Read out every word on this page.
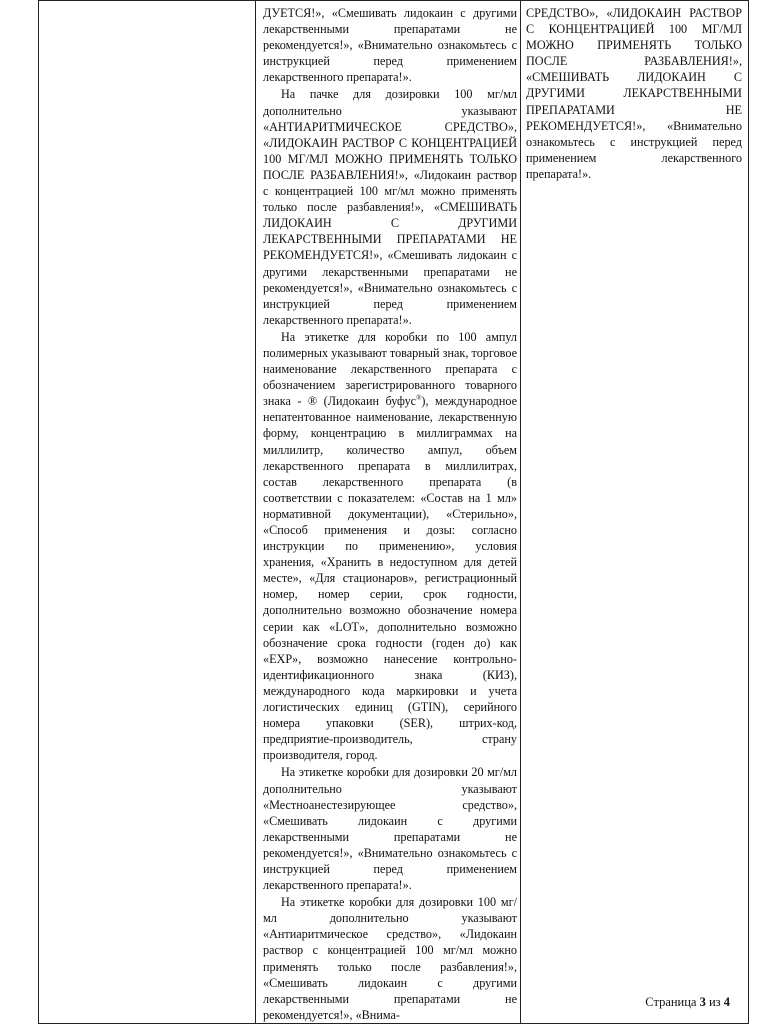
ДУЕТСЯ!», «Смешивать лидокаин с другими лекарственными препаратами не рекомендуется!», «Внимательно ознакомьтесь с инструкцией перед применением лекарственного препарата!».

На пачке для дозировки 100 мг/мл дополнительно указывают «АНТИАРИТМИЧЕСКОЕ СРЕДСТВО», «ЛИДОКАИН РАСТВОР С КОНЦЕНТРАЦИЕЙ 100 МГ/МЛ МОЖНО ПРИМЕНЯТЬ ТОЛЬКО ПОСЛЕ РАЗБАВЛЕНИЯ!», «Лидокаин раствор с концентрацией 100 мг/мл можно применять только после разбавления!», «СМЕШИВАТЬ ЛИДОКАИН С ДРУГИМИ ЛЕКАРСТВЕННЫМИ ПРЕПАРАТАМИ НЕ РЕКОМЕНДУЕТСЯ!», «Смешивать лидокаин с другими лекарственными препаратами не рекомендуется!», «Внимательно ознакомьтесь с инструкцией перед применением лекарственного препарата!».

На этикетке для коробки по 100 ампул полимерных указывают товарный знак, торговое наименование лекарственного препарата с обозначением зарегистрированного товарного знака - ® (Лидокаин буфус®), международное непатентованное наименование, лекарственную форму, концентрацию в миллиграммах на миллилитр, количество ампул, объем лекарственного препарата в миллилитрах, состав лекарственного препарата (в соответствии с показателем: «Состав на 1 мл» нормативной документации), «Стерильно», «Способ применения и дозы: согласно инструкции по применению», условия хранения, «Хранить в недоступном для детей месте», «Для стационаров», регистрационный номер, номер серии, срок годности, дополнительно возможно обозначение номера серии как «LOT», дополнительно возможно обозначение срока годности (годен до) как «EXP», возможно нанесение контрольно-идентификационного знака (КИЗ), международного кода маркировки и учета логистических единиц (GTIN), серийного номера упаковки (SER), штрих-код, предприятие-производитель, страну производителя, город.

На этикетке коробки для дозировки 20 мг/мл дополнительно указывают «Местноанестезирующее средство», «Смешивать лидокаин с другими лекарственными препаратами не рекомендуется!», «Внимательно ознакомьтесь с инструкцией перед применением лекарственного препарата!».

На этикетке коробки для дозировки 100 мг/мл дополнительно указывают «Антиаритмическое средство», «Лидокаин раствор с концентрацией 100 мг/мл можно применять только после разбавления!», «Смешивать лидокаин с другими лекарственными препаратами не рекомендуется!», «Внима-

СРЕДСТВО», «ЛИДОКАИН РАСТВОР С КОНЦЕНТРАЦИЕЙ 100 МГ/МЛ МОЖНО ПРИМЕНЯТЬ ТОЛЬКО ПОСЛЕ РАЗБАВЛЕНИЯ!», «СМЕШИВАТЬ ЛИДОКАИН С ДРУГИМИ ЛЕКАРСТВЕННЫМИ ПРЕПАРАТАМИ НЕ РЕКОМЕНДУЕТСЯ!», «Внимательно ознакомьтесь с инструкцией перед применением лекарственного препарата!».

Страница 3 из 4
